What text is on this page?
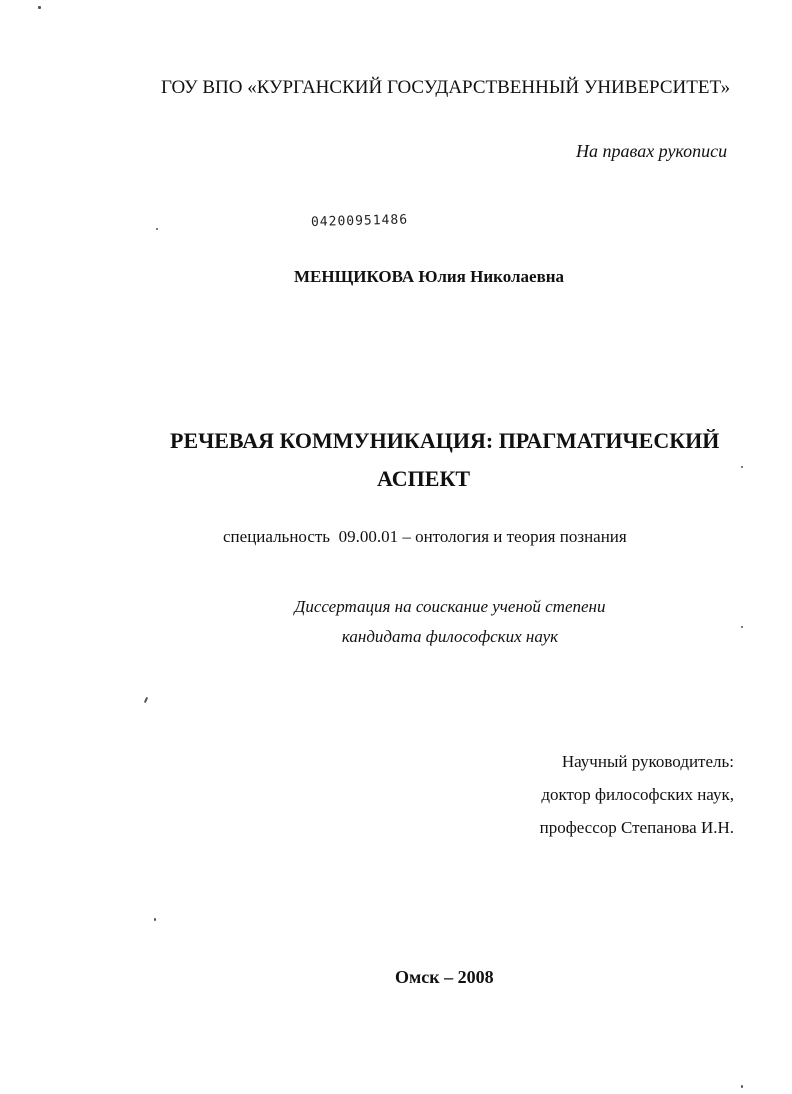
ГОУ ВПО «КУРГАНСКИЙ ГОСУДАРСТВЕННЫЙ УНИВЕРСИТЕТ»
На правах рукописи
04200951486
МЕНЩИКОВА Юлия Николаевна
РЕЧЕВАЯ КОММУНИКАЦИЯ: ПРАГМАТИЧЕСКИЙ
АСПЕКТ
специальность  09.00.01 – онтология и теория познания
Диссертация на соискание ученой степени
кандидата философских наук
Научный руководитель:
доктор философских наук,
профессор Степанова И.Н.
Омск – 2008
